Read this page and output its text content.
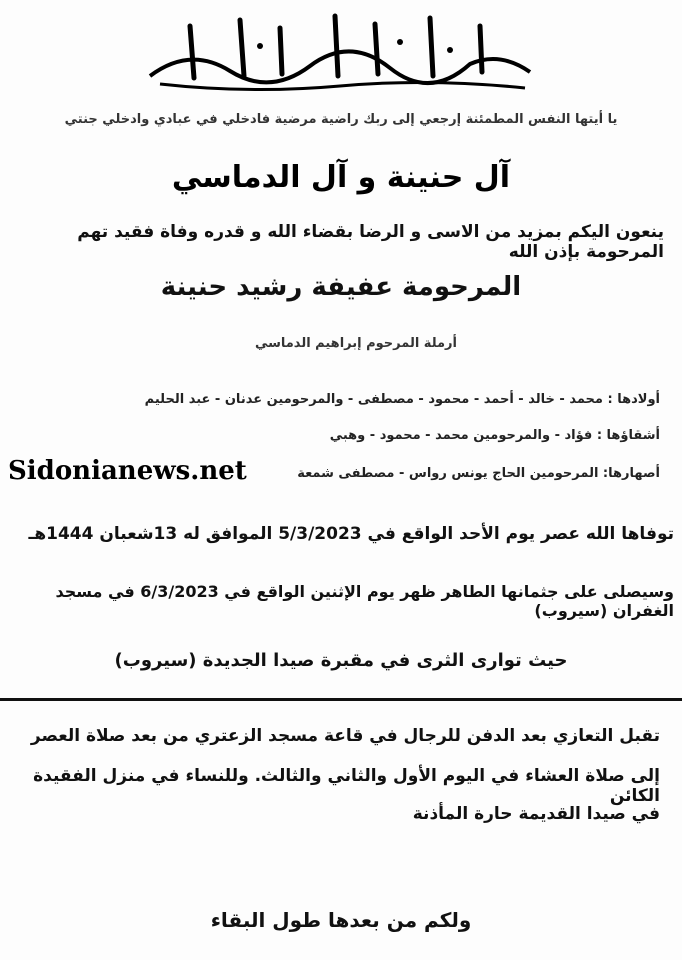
يا أيتها النفس المطمئنة إرجعي إلى ربك راضية مرضية فادخلي في عبادي وادخلي جنتي
آل حنينة و آل الدماسي
ينعون اليكم بمزيد من الاسى و الرضا بقضاء الله و قدره وفاة فقيد تهم المرحومة بإذن الله
المرحومة عفيفة رشيد حنينة
أرملة المرحوم إبراهيم الدماسي
أولادها : محمد - خالد - أحمد - محمود - مصطفى - والمرحومين عدنان - عبد الحليم
أشقاؤها : فؤاد - والمرحومين محمد - محمود - وهبي
أصهارها: المرحومين الحاج يونس رواس - مصطفى شمعة
Sidonianews.net
توفاها الله عصر يوم الأحد الواقع في 5/3/2023 الموافق له 13شعبان 1444هـ
وسيصلى على جثمانها الطاهر ظهر يوم الإثنين الواقع في 6/3/2023 في مسجد الغفران (سيروب)
حيث توارى الثرى في مقبرة صيدا الجديدة (سيروب)
تقبل التعازي بعد الدفن للرجال في قاعة مسجد الزعتري من بعد صلاة العصر
إلى صلاة العشاء في اليوم الأول والثاني والثالث. وللنساء في منزل الفقيدة الكائن
في صيدا القديمة حارة المأذنة
ولكم من بعدها طول البقاء
